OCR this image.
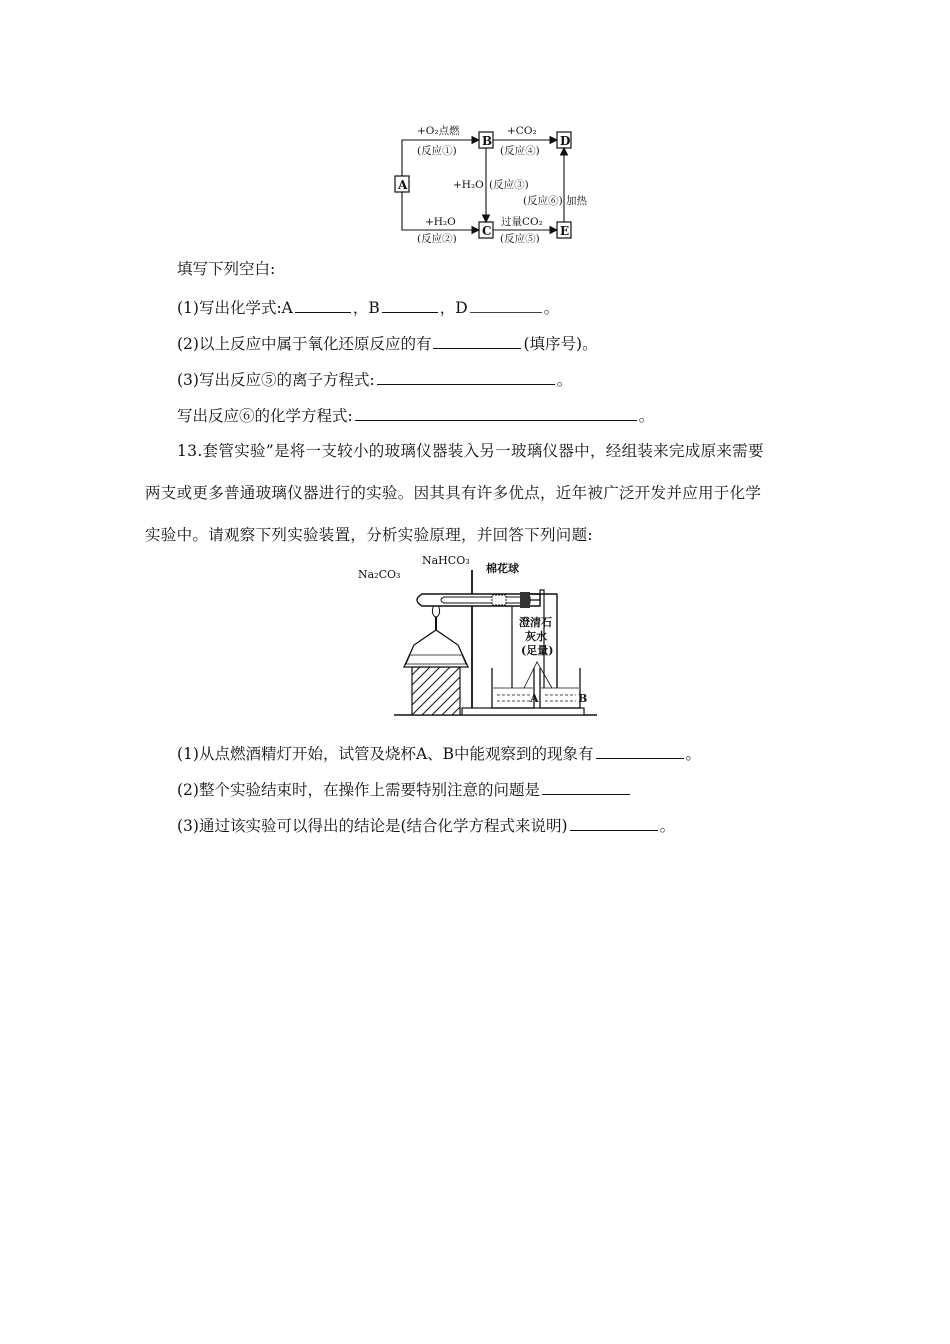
A
B
C
D
E
+O₂点燃
(反应①)
+CO₂
(反应④)
+H₂O (反应③)
(反应⑥) 加热
+H₂O
(反应②)
过量CO₂
(反应⑤)
填写下列空白:
(1)写出化学式:A	，B	，D	。
(2)以上反应中属于氧化还原反应的有	(填序号)。
(3)写出反应⑤的离子方程式:	。
写出反应⑥的化学方程式:	。
13.套管实验”是将一支较小的玻璃仪器装入另一玻璃仪器中，经组装来完成原来需要
两支或更多普通玻璃仪器进行的实验。因其具有许多优点，近年被广泛开发并应用于化学
实验中。请观察下列实验装置，分析实验原理，并回答下列问题:
NaHCO₃
Na₂CO₃	棉花球
澄清石
灰水
(足量)
A	B
(1)从点燃酒精灯开始，试管及烧杯A、B中能观察到的现象有	。
(2)整个实验结束时，在操作上需要特别注意的问题是
(3)通过该实验可以得出的结论是(结合化学方程式来说明)	。
